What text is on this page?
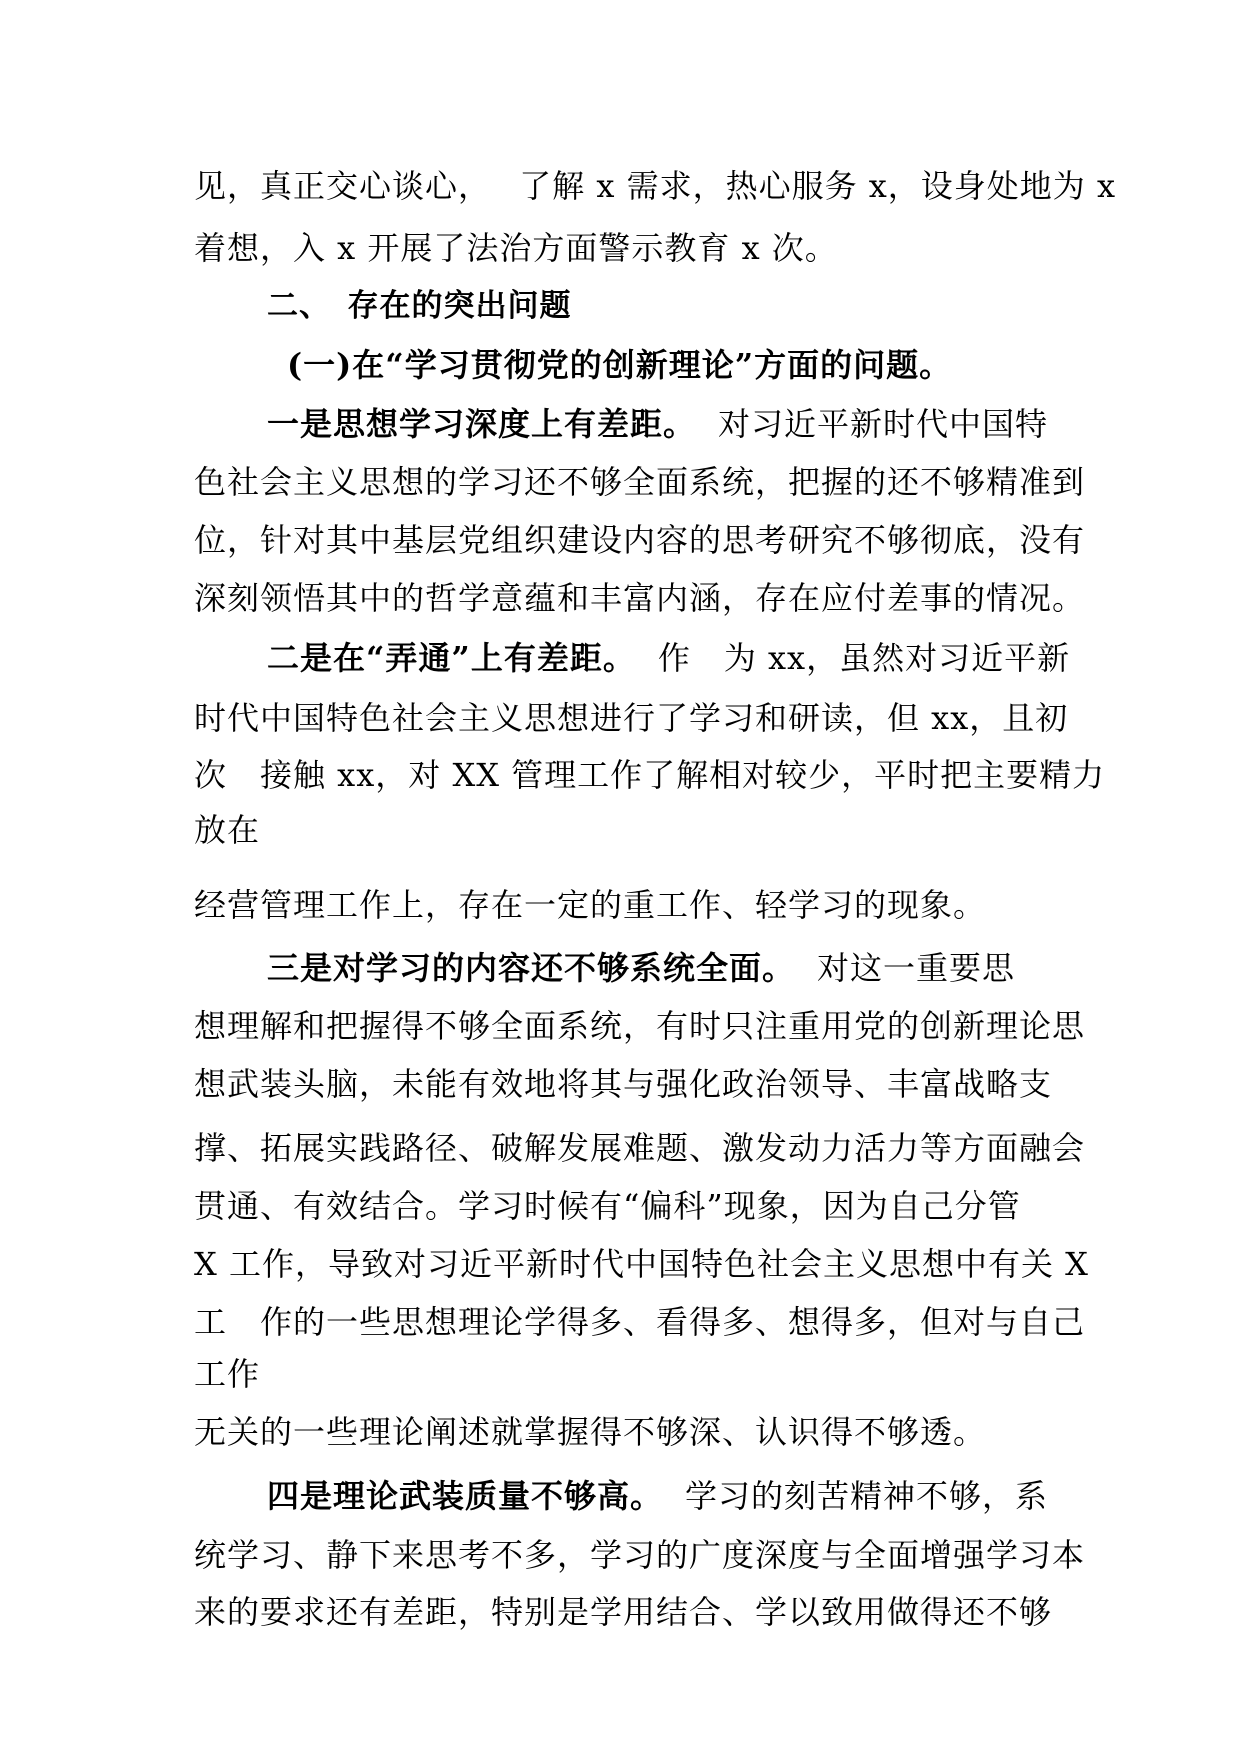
见，真正交心谈心，　 了解 x 需求，热心服务 x，设身处地为 x
着想，入 x 开展了法治方面警示教育 x 次。
二、　存在的突出问题
(一)在“学习贯彻党的创新理论”方面的问题。
一是思想学习深度上有差距。 对习近平新时代中国特
色社会主义思想的学习还不够全面系统，把握的还不够精准到
位，针对其中基层党组织建设内容的思考研究不够彻底，没有
深刻领悟其中的哲学意蕴和丰富内涵，存在应付差事的情况。
二是在“弄通”上有差距。 作　为 xx，虽然对习近平新
时代中国特色社会主义思想进行了学习和研读，但 xx，且初
次　接触 xx，对 XX 管理工作了解相对较少，平时把主要精力
放在
经营管理工作上，存在一定的重工作、轻学习的现象。
三是对学习的内容还不够系统全面。 对这一重要思
想理解和把握得不够全面系统，有时只注重用党的创新理论思
想武装头脑，未能有效地将其与强化政治领导、丰富战略支
撑、拓展实践路径、破解发展难题、激发动力活力等方面融会
贯通、有效结合。学习时候有“偏科”现象，因为自己分管
X 工作，导致对习近平新时代中国特色社会主义思想中有关 X
工　作的一些思想理论学得多、看得多、想得多，但对与自己
工作
无关的一些理论阐述就掌握得不够深、认识得不够透。
四是理论武装质量不够高。 学习的刻苦精神不够，系
统学习、静下来思考不多，学习的广度深度与全面增强学习本
来的要求还有差距，特别是学用结合、学以致用做得还不够
